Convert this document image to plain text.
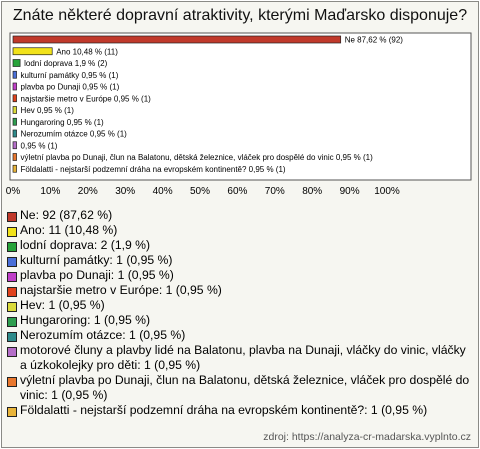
Znáte některé dopravní atraktivity, kterými Maďarsko disponuje?
Ne 87,62 % (92)
Ano 10,48 % (11)
lodní doprava 1,9 % (2)
kulturní památky 0,95 % (1)
plavba po Dunaji 0,95 % (1)
najstaršie metro v Európe 0,95 % (1)
Hev 0,95 % (1)
Hungaroring 0,95 % (1)
Nerozumím otázce 0,95 % (1)
0,95 % (1)
výletní plavba po Dunaji, člun na Balatonu, dětská železnice, vláček pro dospělé do vinic 0,95 % (1)
Földalatti - nejstarší podzemní dráha na evropském kontinentě? 0,95 % (1)
0% 10% 20% 30% 40% 50% 60% 70% 80% 90% 100%
Ne: 92 (87,62 %)
Ano: 11 (10,48 %)
lodní doprava: 2 (1,9 %)
kulturní památky: 1 (0,95 %)
plavba po Dunaji: 1 (0,95 %)
najstaršie metro v Európe: 1 (0,95 %)
Hev: 1 (0,95 %)
Hungaroring: 1 (0,95 %)
Nerozumím otázce: 1 (0,95 %)
motorové čluny a plavby lidé na Balatonu, plavba na Dunaji, vláčky do vinic, vláčky a úzkokolejky pro děti: 1 (0,95 %)
výletní plavba po Dunaji, člun na Balatonu, dětská železnice, vláček pro dospělé do vinic: 1 (0,95 %)
Földalatti - nejstarší podzemní dráha na evropském kontinentě?: 1 (0,95 %)
zdroj: https://analyza-cr-madarska.vyplnto.cz
